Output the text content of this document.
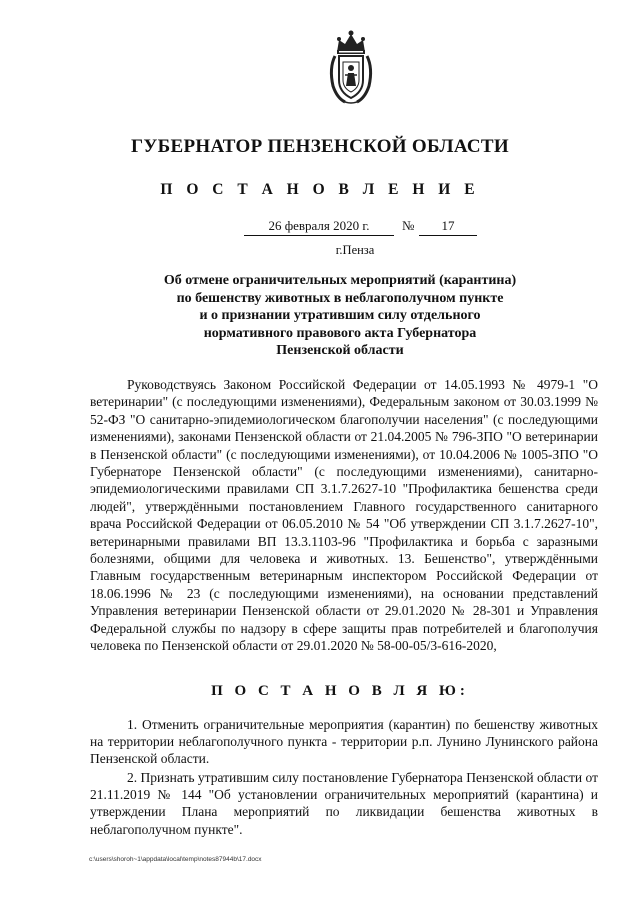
ГУБЕРНАТОР ПЕНЗЕНСКОЙ ОБЛАСТИ
П О С Т А Н О В Л Е Н И Е
26 февраля 2020 г.	№	17
г.Пенза
Об отмене ограничительных мероприятий (карантина)
по бешенству животных в неблагополучном пункте
и о признании утратившим силу отдельного
нормативного правового акта Губернатора
Пензенской области

Руководствуясь Законом Российской Федерации от 14.05.1993 № 4979-1 "О ветеринарии" (с последующими изменениями), Федеральным законом от 30.03.1999 № 52-ФЗ "О санитарно-эпидемиологическом благополучии населения" (с последующими изменениями), законами Пензенской области от 21.04.2005 № 796-ЗПО "О ветеринарии в Пензенской области" (с последующими изменениями), от 10.04.2006 № 1005-ЗПО "О Губернаторе Пензенской области" (с последующими изменениями), санитарно-эпидемиологическими правилами СП 3.1.7.2627-10 "Профилактика бешенства среди людей", утверждёнными постановлением Главного государственного санитарного врача Российской Федерации от 06.05.2010 № 54 "Об утверждении СП 3.1.7.2627-10", ветеринарными правилами ВП 13.3.1103-96 "Профилактика и борьба с заразными болезнями, общими для человека и животных. 13. Бешенство", утверждёнными Главным государственным ветеринарным инспектором Российской Федерации от 18.06.1996 № 23 (с последующими изменениями), на основании представлений Управления ветеринарии Пензенской области от 29.01.2020 № 28-301 и Управления Федеральной службы по надзору в сфере защиты прав потребителей и благополучия человека по Пензенской области от 29.01.2020 № 58-00-05/3-616-2020,

П О С Т А Н О В Л Я Ю:

1. Отменить ограничительные мероприятия (карантин) по бешенству животных на территории неблагополучного пункта - территории р.п. Лунино Лунинского района Пензенской области.

2. Признать утратившим силу постановление Губернатора Пензенской области от 21.11.2019 № 144 "Об установлении ограничительных мероприятий (карантина) и утверждении Плана мероприятий по ликвидации бешенства животных в неблагополучном пункте".

c:\users\shoroh~1\appdata\local\temp\notes87944b\17.docx
